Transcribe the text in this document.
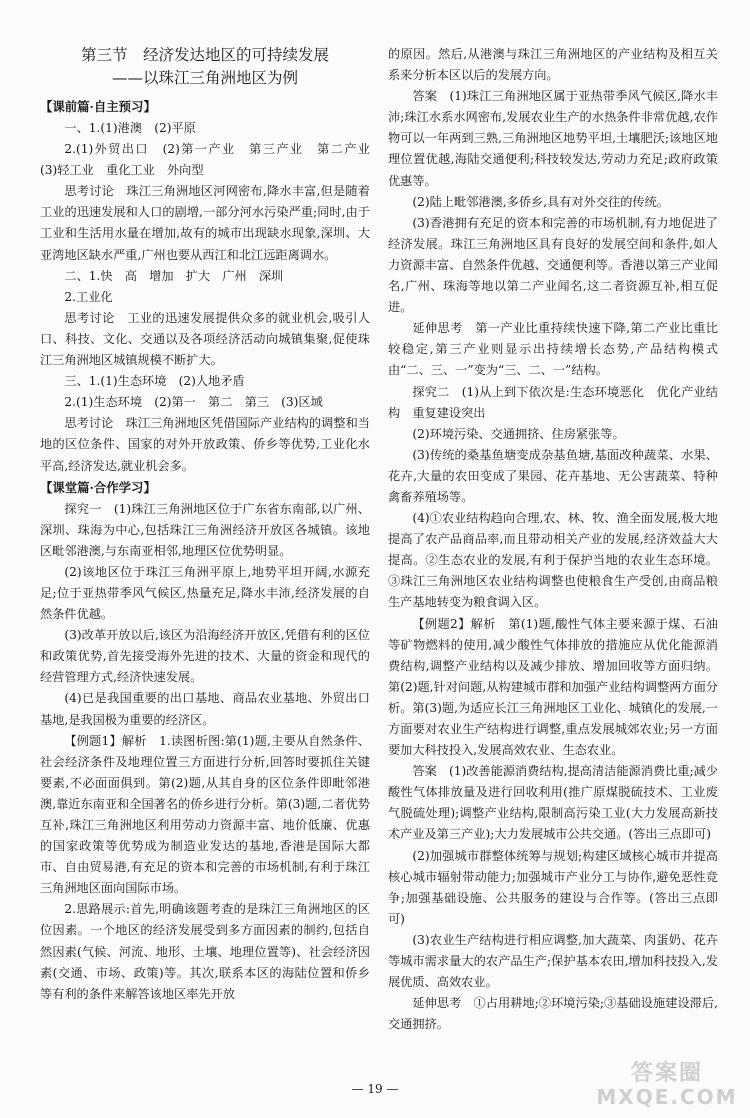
第三节　经济发达地区的可持续发展

——以珠江三角洲地区为例

【课前篇·自主预习】

一、1.(1)港澳　(2)平原

2.(1)外贸出口　(2)第一产业　第三产业　第二产业　(3)轻工业　重化工业　外向型

思考讨论　珠江三角洲地区河网密布,降水丰富,但是随着工业的迅速发展和人口的剧增,一部分河水污染严重;同时,由于工业和生活用水量在增加,故有的城市出现缺水现象,深圳、大亚湾地区缺水严重,广州也要从西江和北江远距离调水。

二、1.快　高　增加　扩大　广州　深圳

2.工业化

思考讨论　工业的迅速发展提供众多的就业机会,吸引人口、科技、文化、交通以及各项经济活动向城镇集聚,促使珠江三角洲地区城镇规模不断扩大。

三、1.(1)生态环境　(2)人地矛盾

2.(1)生态环境　(2)第一　第二　第三　(3)区域

思考讨论　珠江三角洲地区凭借国际产业结构的调整和当地的区位条件、国家的对外开放政策、侨乡等优势,工业化水平高,经济发达,就业机会多。

【课堂篇·合作学习】

探究一　(1)珠江三角洲地区位于广东省东南部,以广州、深圳、珠海为中心,包括珠江三角洲经济开放区各城镇。该地区毗邻港澳,与东南亚相邻,地理区位优势明显。

(2)该地区位于珠江三角洲平原上,地势平坦开阔,水源充足;位于亚热带季风气候区,热量充足,降水丰沛,经济发展的自然条件优越。

(3)改革开放以后,该区为沿海经济开放区,凭借有利的区位和政策优势,首先接受海外先进的技术、大量的资金和现代的经营管理方式,经济快速发展。

(4)已是我国重要的出口基地、商品农业基地、外贸出口基地,是我国极为重要的经济区。

【例题1】解析　1.读图析图:第(1)题,主要从自然条件、社会经济条件及地理位置三方面进行分析,回答时要抓住关键要素,不必面面俱到。第(2)题,从其自身的区位条件即毗邻港澳,靠近东南亚和全国著名的侨乡进行分析。第(3)题,二者优势互补,珠江三角洲地区利用劳动力资源丰富、地价低廉、优惠的国家政策等优势成为制造业发达的基地,香港是国际大都市、自由贸易港,有充足的资本和完善的市场机制,有利于珠江三角洲地区面向国际市场。

2.思路展示:首先,明确该题考查的是珠江三角洲地区的区位因素。一个地区的经济发展受到多方面因素的制约,包括自然因素(气候、河流、地形、土壤、地理位置等)、社会经济因素(交通、市场、政策)等。其次,联系本区的海陆位置和侨乡等有利的条件来解答该地区率先开放

的原因。然后,从港澳与珠江三角洲地区的产业结构及相互关系来分析本区以后的发展方向。

答案　(1)珠江三角洲地区属于亚热带季风气候区,降水丰沛;珠江水系水网密布,发展农业生产的水热条件非常优越,农作物可以一年两到三熟,三角洲地区地势平坦,土壤肥沃;该地区地理位置优越,海陆交通便利;科技较发达,劳动力充足;政府政策优惠等。

(2)陆上毗邻港澳,多侨乡,具有对外交往的传统。

(3)香港拥有充足的资本和完善的市场机制,有力地促进了经济发展。珠江三角洲地区具有良好的发展空间和条件,如人力资源丰富、自然条件优越、交通便利等。香港以第三产业闻名,广州、珠海等地以第二产业闻名,这二者资源互补,相互促进。

延伸思考　第一产业比重持续快速下降,第二产业比重比较稳定,第三产业则显示出持续增长态势,产品结构模式由“二、三、一”变为“三、二、一”结构。

探究二　(1)从上到下依次是:生态环境恶化　优化产业结构　重复建设突出

(2)环境污染、交通拥挤、住房紧张等。

(3)传统的桑基鱼塘变成杂基鱼塘,基面改种蔬菜、水果、花卉,大量的农田变成了果园、花卉基地、无公害蔬菜、特种禽畜养殖场等。

(4)①农业结构趋向合理,农、林、牧、渔全面发展,极大地提高了农产品商品率,而且带动相关产业的发展,经济效益大大提高。②生态农业的发展,有利于保护当地的农业生态环境。③珠江三角洲地区农业结构调整也使粮食生产受创,由商品粮生产基地转变为粮食调入区。

【例题2】解析　第(1)题,酸性气体主要来源于煤、石油等矿物燃料的使用,减少酸性气体排放的措施应从优化能源消费结构,调整产业结构以及减少排放、增加回收等方面归纳。第(2)题,针对问题,从构建城市群和加强产业结构调整两方面分析。第(3)题,为适应长江三角洲地区工业化、城镇化的发展,一方面要对农业生产结构进行调整,重点发展城郊农业;另一方面要加大科技投入,发展高效农业、生态农业。

答案　(1)改善能源消费结构,提高清洁能源消费比重;减少酸性气体排放量及进行回收利用(推广原煤脱硫技术、工业废气脱硫处理);调整产业结构,限制高污染工业(大力发展高新技术产业及第三产业);大力发展城市公共交通。(答出三点即可)

(2)加强城市群整体统筹与规划;构建区域核心城市并提高核心城市辐射带动能力;加强城市产业分工与协作,避免恶性竞争;加强基础设施、公共服务的建设与合作等。(答出三点即可)

(3)农业生产结构进行相应调整,加大蔬菜、肉蛋奶、花卉等城市需求量大的农产品生产;保护基本农田,增加科技投入,发展优质、高效农业。

延伸思考　①占用耕地;②环境污染;③基础设施建设滞后,交通拥挤。

— 19 —
答案圈
MXQE.COM
